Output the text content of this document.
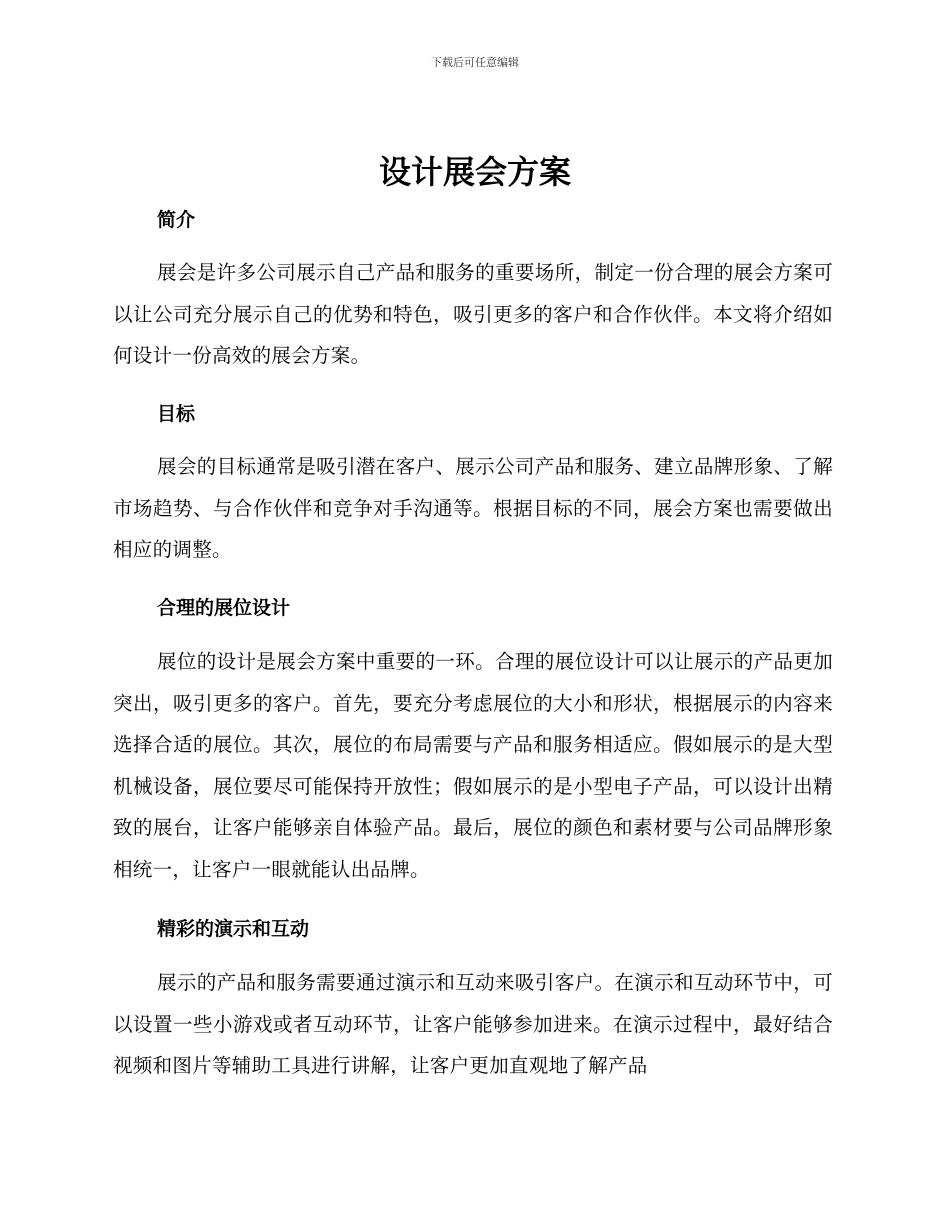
下载后可任意编辑
设计展会方案
简介

展会是许多公司展示自己产品和服务的重要场所，制定一份合理的展会方案可以让公司充分展示自己的优势和特色，吸引更多的客户和合作伙伴。本文将介绍如何设计一份高效的展会方案。

目标

展会的目标通常是吸引潜在客户、展示公司产品和服务、建立品牌形象、了解市场趋势、与合作伙伴和竞争对手沟通等。根据目标的不同，展会方案也需要做出相应的调整。

合理的展位设计

展位的设计是展会方案中重要的一环。合理的展位设计可以让展示的产品更加突出，吸引更多的客户。首先，要充分考虑展位的大小和形状，根据展示的内容来选择合适的展位。其次，展位的布局需要与产品和服务相适应。假如展示的是大型机械设备，展位要尽可能保持开放性；假如展示的是小型电子产品，可以设计出精致的展台，让客户能够亲自体验产品。最后，展位的颜色和素材要与公司品牌形象相统一，让客户一眼就能认出品牌。

精彩的演示和互动

展示的产品和服务需要通过演示和互动来吸引客户。在演示和互动环节中，可以设置一些小游戏或者互动环节，让客户能够参加进来。在演示过程中，最好结合视频和图片等辅助工具进行讲解，让客户更加直观地了解产品
